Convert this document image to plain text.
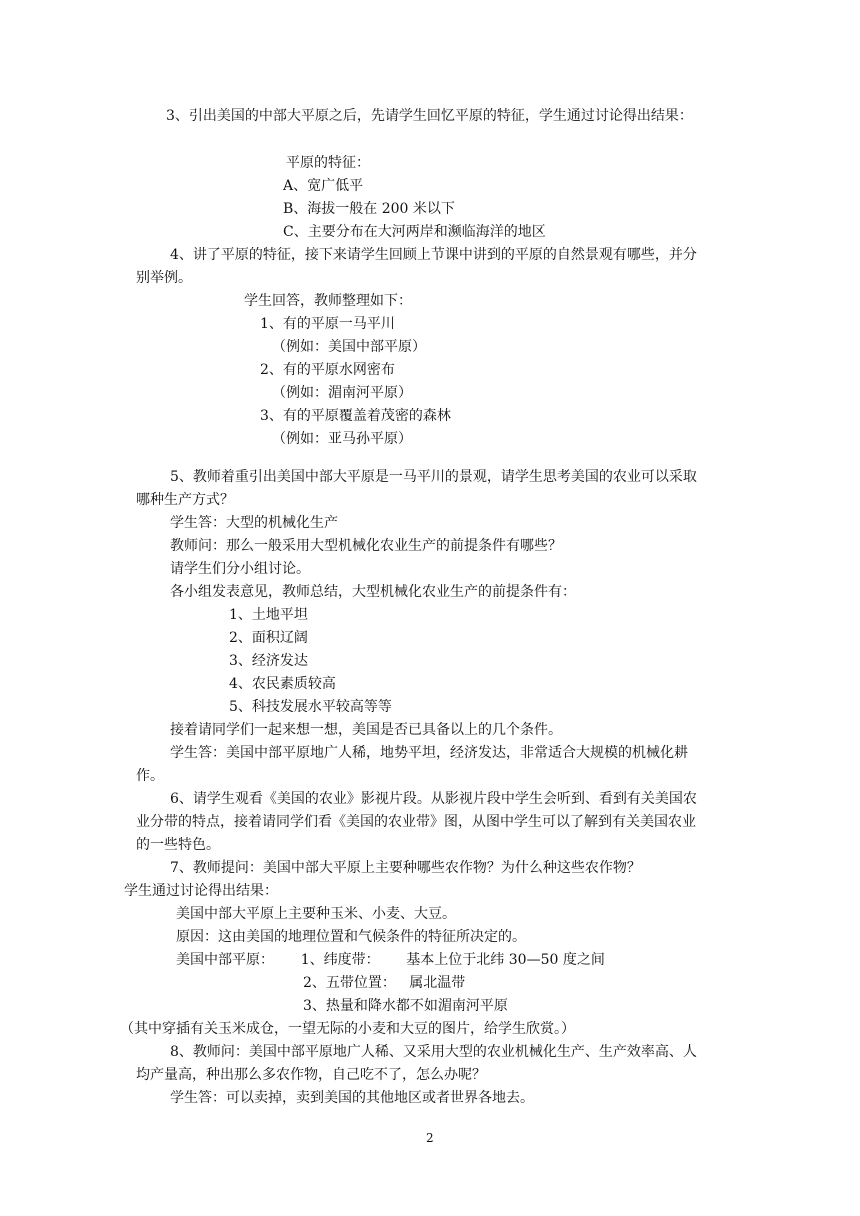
3、引出美国的中部大平原之后，先请学生回忆平原的特征，学生通过讨论得出结果：
平原的特征：
A、宽广低平
B、海拔一般在 200 米以下
C、主要分布在大河两岸和濒临海洋的地区
4、讲了平原的特征，接下来请学生回顾上节课中讲到的平原的自然景观有哪些，并分
别举例。
学生回答，教师整理如下：
1、有的平原一马平川
（例如：美国中部平原）
2、有的平原水网密布
（例如：湄南河平原）
3、有的平原覆盖着茂密的森林
（例如：亚马孙平原）
5、教师着重引出美国中部大平原是一马平川的景观，请学生思考美国的农业可以采取
哪种生产方式？
学生答：大型的机械化生产
教师问：那么一般采用大型机械化农业生产的前提条件有哪些？
请学生们分小组讨论。
各小组发表意见，教师总结，大型机械化农业生产的前提条件有：
1、土地平坦
2、面积辽阔
3、经济发达
4、农民素质较高
5、科技发展水平较高等等
接着请同学们一起来想一想，美国是否已具备以上的几个条件。
学生答：美国中部平原地广人稀，地势平坦，经济发达，非常适合大规模的机械化耕
作。
6、请学生观看《美国的农业》影视片段。从影视片段中学生会听到、看到有关美国农
业分带的特点，接着请同学们看《美国的农业带》图，从图中学生可以了解到有关美国农业
的一些特色。
7、教师提问：美国中部大平原上主要种哪些农作物？为什么种这些农作物？
学生通过讨论得出结果：
美国中部大平原上主要种玉米、小麦、大豆。
原因：这由美国的地理位置和气候条件的特征所决定的。
美国中部平原：      1、纬度带：      基本上位于北纬 30—50 度之间
2、五带位置：   属北温带
3、热量和降水都不如湄南河平原
（其中穿插有关玉米成仓，一望无际的小麦和大豆的图片，给学生欣赏。）
8、教师问：美国中部平原地广人稀、又采用大型的农业机械化生产、生产效率高、人
均产量高，种出那么多农作物，自己吃不了，怎么办呢？
学生答：可以卖掉，卖到美国的其他地区或者世界各地去。
2
